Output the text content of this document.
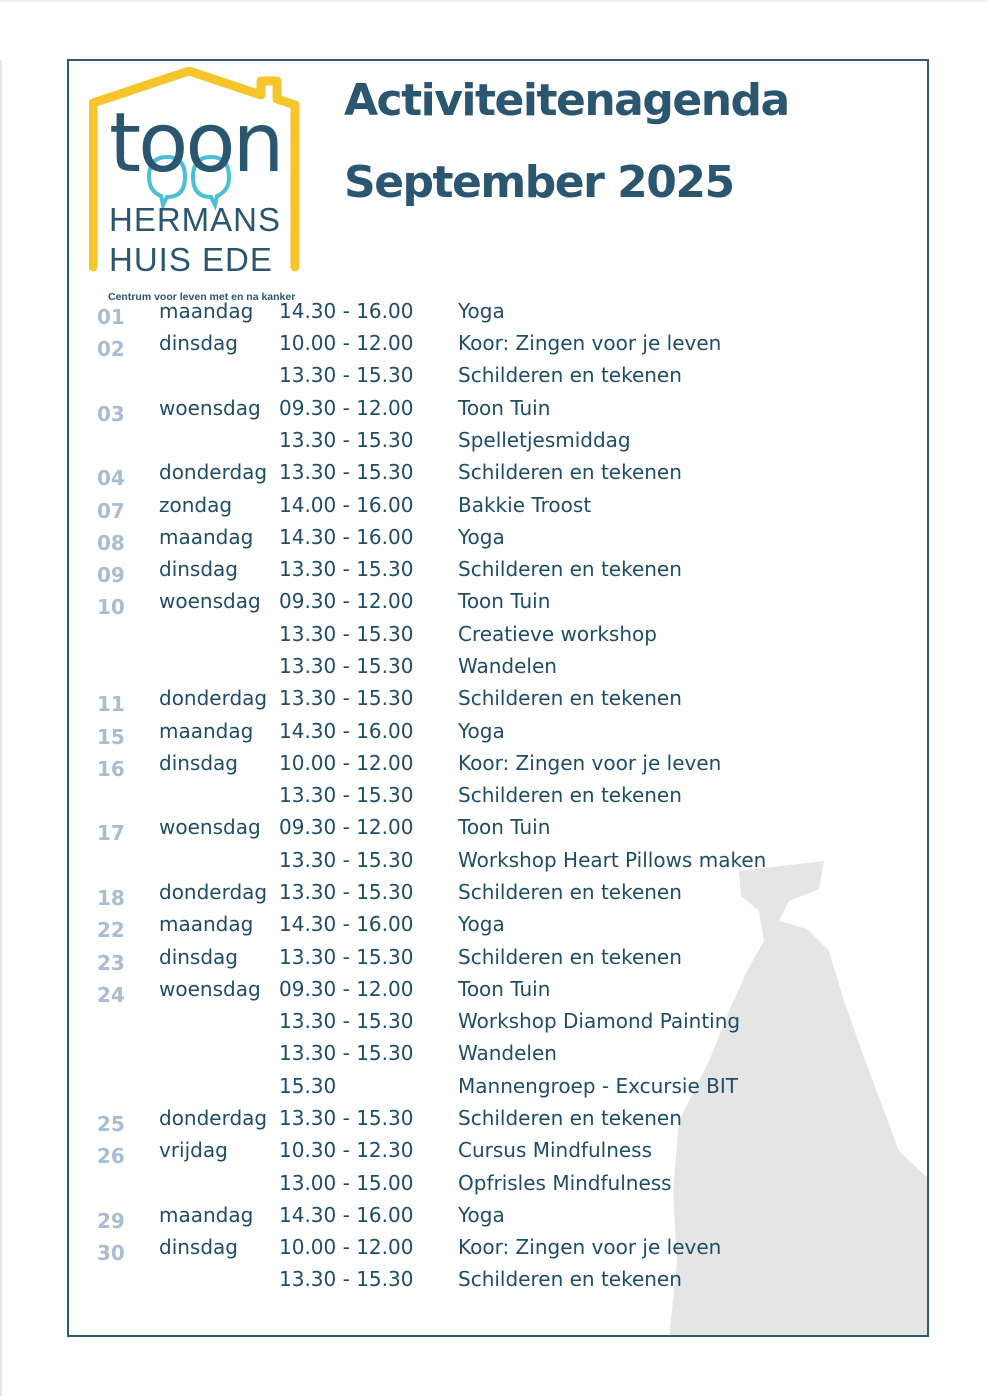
toon
HERMANS
HUIS EDE
Centrum voor leven met en na kanker
Activiteitenagenda
September 2025
01 maandag 14.30 - 16.00 Yoga
02 dinsdag 10.00 - 12.00 Koor: Zingen voor je leven
13.30 - 15.30 Schilderen en tekenen
03 woensdag 09.30 - 12.00 Toon Tuin
13.30 - 15.30 Spelletjesmiddag
04 donderdag 13.30 - 15.30 Schilderen en tekenen
07 zondag 14.00 - 16.00 Bakkie Troost
08 maandag 14.30 - 16.00 Yoga
09 dinsdag 13.30 - 15.30 Schilderen en tekenen
10 woensdag 09.30 - 12.00 Toon Tuin
13.30 - 15.30 Creatieve workshop
13.30 - 15.30 Wandelen
11 donderdag 13.30 - 15.30 Schilderen en tekenen
15 maandag 14.30 - 16.00 Yoga
16 dinsdag 10.00 - 12.00 Koor: Zingen voor je leven
13.30 - 15.30 Schilderen en tekenen
17 woensdag 09.30 - 12.00 Toon Tuin
13.30 - 15.30 Workshop Heart Pillows maken
18 donderdag 13.30 - 15.30 Schilderen en tekenen
22 maandag 14.30 - 16.00 Yoga
23 dinsdag 13.30 - 15.30 Schilderen en tekenen
24 woensdag 09.30 - 12.00 Toon Tuin
13.30 - 15.30 Workshop Diamond Painting
13.30 - 15.30 Wandelen
15.30	Mannengroep - Excursie BIT
25 donderdag 13.30 - 15.30 Schilderen en tekenen
26 vrijdag	10.30 - 12.30 Cursus Mindfulness
13.00 - 15.00 Opfrisles Mindfulness
29 maandag 14.30 - 16.00 Yoga
30 dinsdag 10.00 - 12.00 Koor: Zingen voor je leven
13.30 - 15.30 Schilderen en tekenen
